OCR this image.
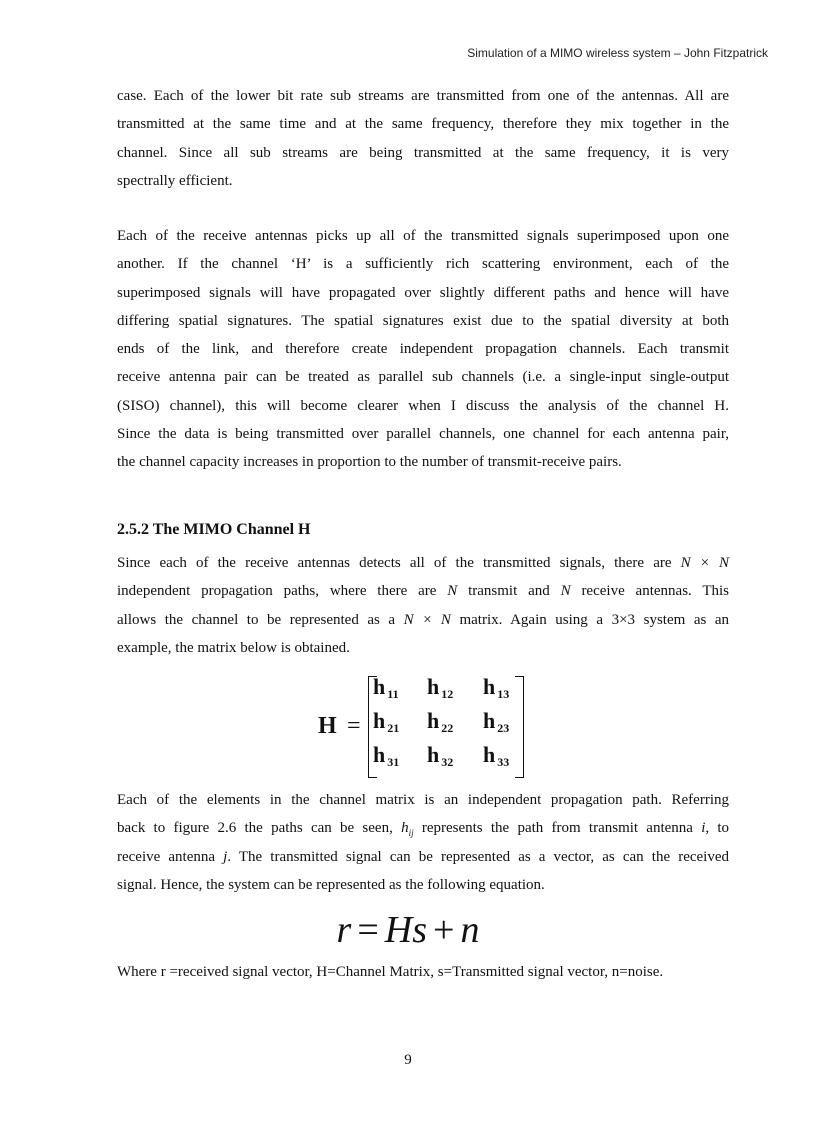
Simulation of a MIMO wireless system – John Fitzpatrick
case. Each of the lower bit rate sub streams are transmitted from one of the antennas. All are
transmitted at the same time and at the same frequency, therefore they mix together in the
channel. Since all sub streams are being transmitted at the same frequency, it is very
spectrally efficient.
Each of the receive antennas picks up all of the transmitted signals superimposed upon one
another. If the channel ‘H’ is a sufficiently rich scattering environment, each of the
superimposed signals will have propagated over slightly different paths and hence will have
differing spatial signatures. The spatial signatures exist due to the spatial diversity at both
ends of the link, and therefore create independent propagation channels. Each transmit
receive antenna pair can be treated as parallel sub channels (i.e. a single-input single-output
(SISO) channel), this will become clearer when I discuss the analysis of the channel H.
Since the data is being transmitted over parallel channels, one channel for each antenna pair,
the channel capacity increases in proportion to the number of transmit-receive pairs.
2.5.2 The MIMO Channel H
Since each of the receive antennas detects all of the transmitted signals, there are N × N
independent propagation paths, where there are N transmit and N receive antennas. This
allows the channel to be represented as a N × N matrix. Again using a 3×3 system as an
example, the matrix below is obtained.
H =
h 11 h 12 h 13
h 21 h 22 h 23
h 31 h 32 h 33
Each of the elements in the channel matrix is an independent propagation path. Referring
back to figure 2.6 the paths can be seen, $h_{ij}$ represents the path from transmit antenna i, to
receive antenna j. The transmitted signal can be represented as a vector, as can the received
signal. Hence, the system can be represented as the following equation.
r = Hs + n
Where r =received signal vector, H=Channel Matrix, s=Transmitted signal vector, n=noise.
9
